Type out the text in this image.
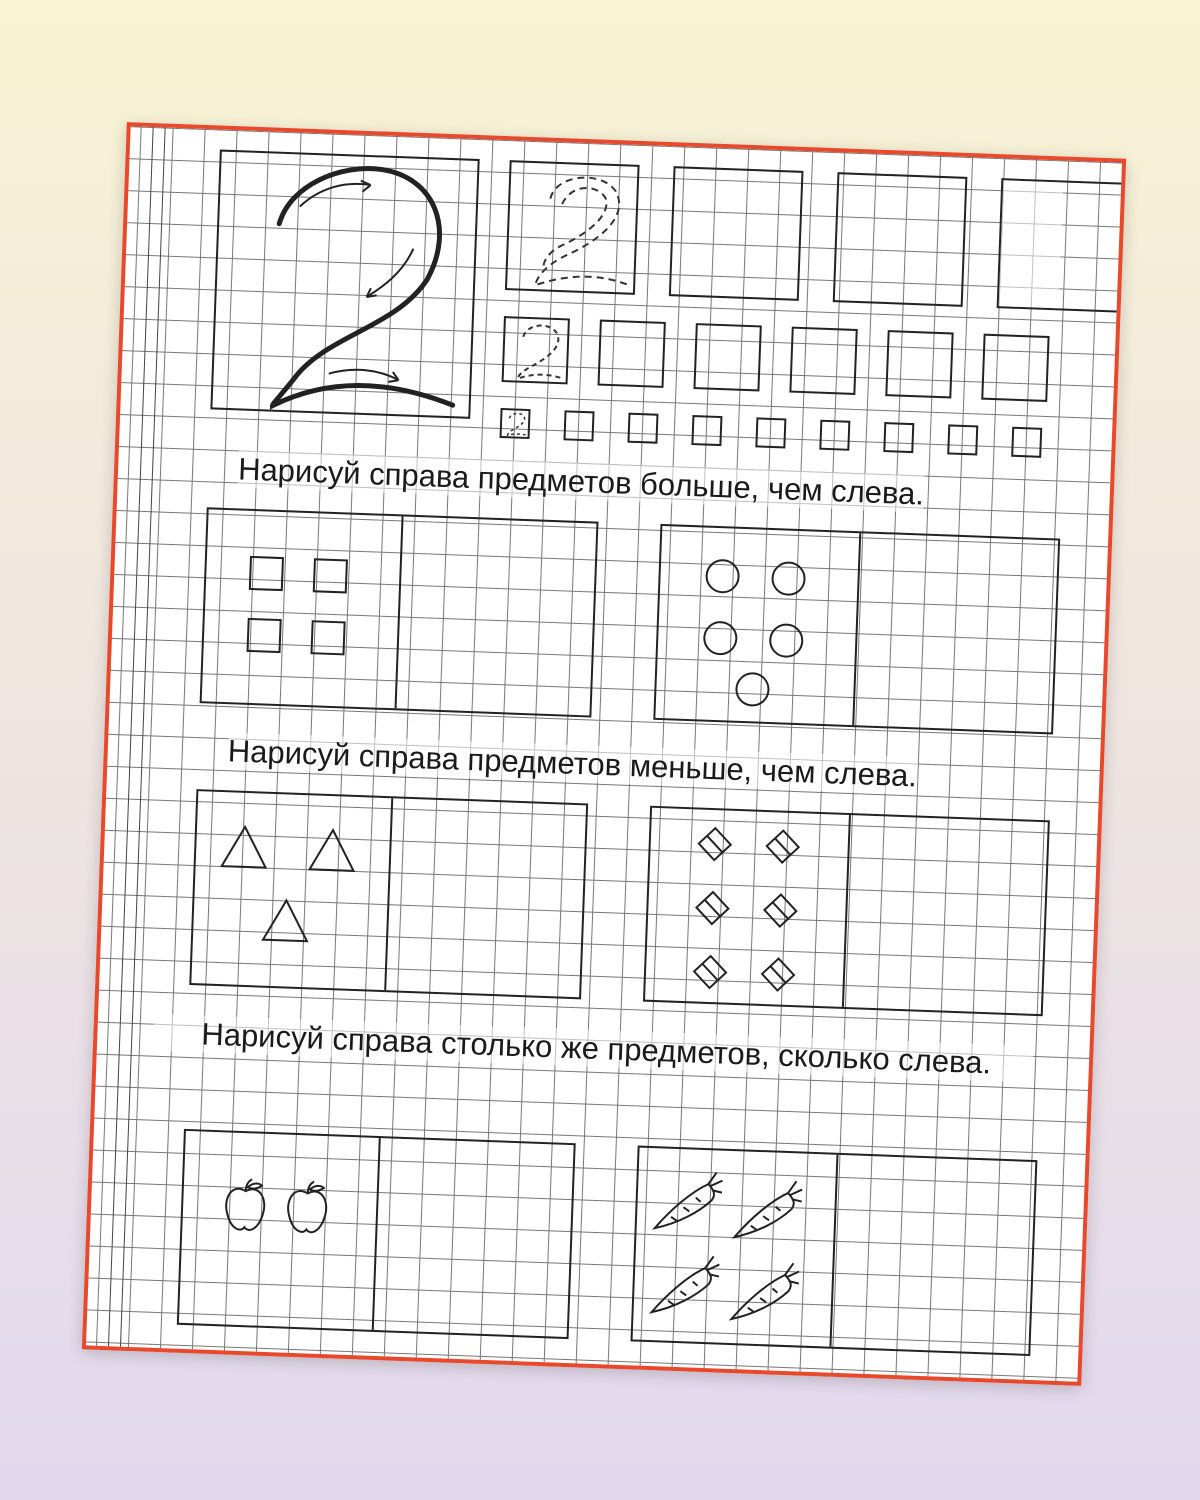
Нарисуй справа предметов больше, чем слева.

Нарисуй справа предметов меньше, чем слева.

Нарисуй справа столько же предметов, сколько слева.
